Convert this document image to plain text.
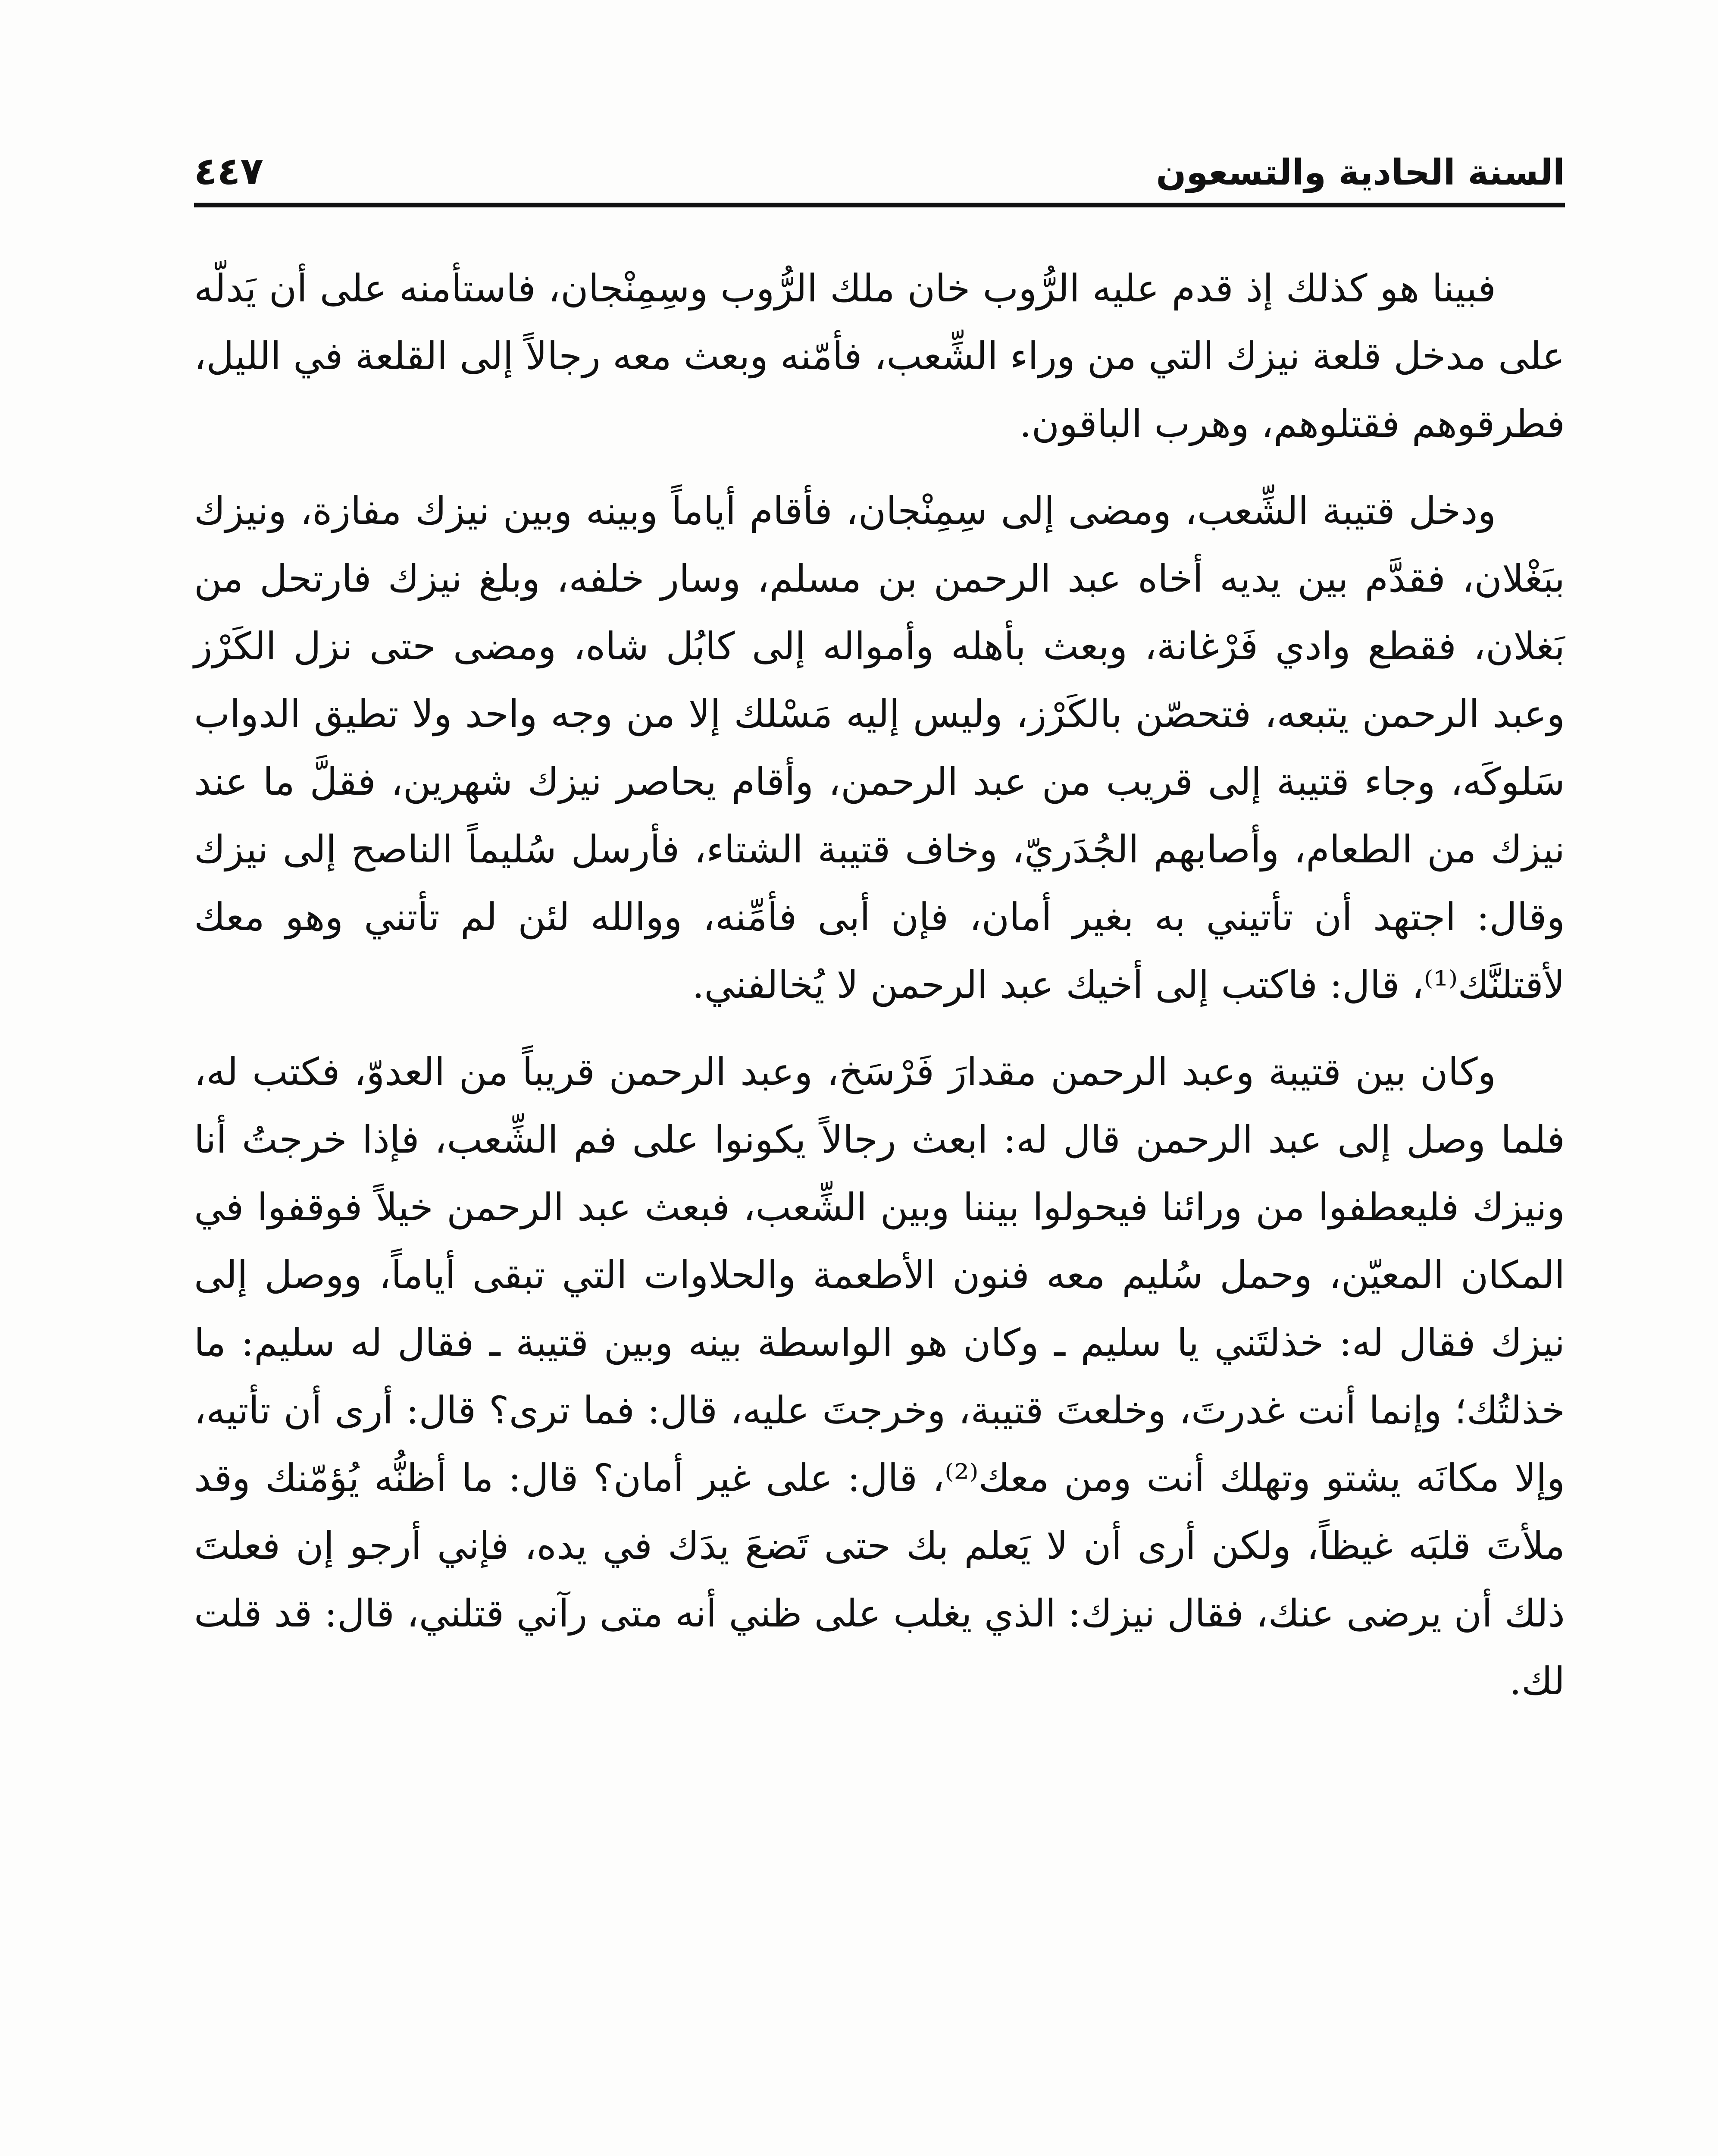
السنة الحادية والتسعون
٤٤٧

فبينا هو كذلك إذ قدم عليه الرُّوب خان ملك الرُّوب وسِمِنْجان، فاستأمنه على أن يَدلّه على مدخل قلعة نيزك التي من وراء الشِّعب، فأمّنه وبعث معه رجالاً إلى القلعة في الليل، فطرقوهم فقتلوهم، وهرب الباقون.

ودخل قتيبة الشِّعب، ومضى إلى سِمِنْجان، فأقام أياماً وبينه وبين نيزك مفازة، ونيزك ببَغْلان، فقدَّم بين يديه أخاه عبد الرحمن بن مسلم، وسار خلفه، وبلغ نيزك فارتحل من بَغلان، فقطع وادي فَرْغانة، وبعث بأهله وأمواله إلى كابُل شاه، ومضى حتى نزل الكَرْز وعبد الرحمن يتبعه، فتحصّن بالكَرْز، وليس إليه مَسْلك إلا من وجه واحد ولا تطيق الدواب سَلوكَه، وجاء قتيبة إلى قريب من عبد الرحمن، وأقام يحاصر نيزك شهرين، فقلَّ ما عند نيزك من الطعام، وأصابهم الجُدَريّ، وخاف قتيبة الشتاء، فأرسل سُليماً الناصح إلى نيزك وقال: اجتهد أن تأتيني به بغير أمان، فإن أبى فأمِّنه، ووالله لئن لم تأتني وهو معك لأقتلنَّك⁽¹⁾، قال: فاكتب إلى أخيك عبد الرحمن لا يُخالفني.

وكان بين قتيبة وعبد الرحمن مقدارَ فَرْسَخ، وعبد الرحمن قريباً من العدوّ، فكتب له، فلما وصل إلى عبد الرحمن قال له: ابعث رجالاً يكونوا على فم الشِّعب، فإذا خرجتُ أنا ونيزك فليعطفوا من ورائنا فيحولوا بيننا وبين الشِّعب، فبعث عبد الرحمن خيلاً فوقفوا في المكان المعيّن، وحمل سُليم معه فنون الأطعمة والحلاوات التي تبقى أياماً، ووصل إلى نيزك فقال له: خذلتَني يا سليم ـ وكان هو الواسطة بينه وبين قتيبة ـ فقال له سليم: ما خذلتُك؛ وإنما أنت غدرتَ، وخلعتَ قتيبة، وخرجتَ عليه، قال: فما ترى؟ قال: أرى أن تأتيه، وإلا مكانَه يشتو وتهلك أنت ومن معك⁽²⁾، قال: على غير أمان؟ قال: ما أظنُّه يُؤمّنك وقد ملأتَ قلبَه غيظاً، ولكن أرى أن لا يَعلم بك حتى تَضعَ يدَك في يده، فإني أرجو إن فعلتَ ذلك أن يرضى عنك، فقال نيزك: الذي يغلب على ظني أنه متى رآني قتلني، قال: قد قلت لك.
